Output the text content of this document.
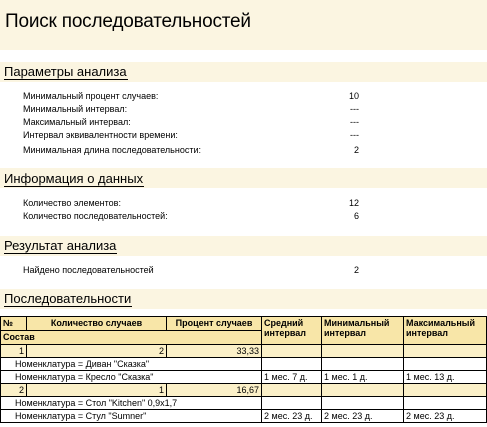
Поиск последовательностей
Параметры анализа
Минимальный процент случаев:	10
Минимальный интервал:	---
Максимальный интервал:	---
Интервал эквивалентности времени:	---
Минимальная длина последовательности:	2
Информация о данных
Количество элементов:	12
Количество последовательностей:	6
Результат анализа
Найдено последовательностей	2
Последовательности
№	Количество случаев	Процент случаев	Средний интервал	Минимальный интервал	Максимальный интервал
Состав					
1	2	33,33			
Номенклатура = Диван "Сказка"					
Номенклатура = Кресло "Сказка"			1 мес. 7 д.	1 мес. 1 д.	1 мес. 13 д.
2	1	16,67			
Номенклатура = Стол "Kitchen" 0,9х1,7					
Номенклатура = Стул "Sumner"			2 мес. 23 д.	2 мес. 23 д.	2 мес. 23 д.
